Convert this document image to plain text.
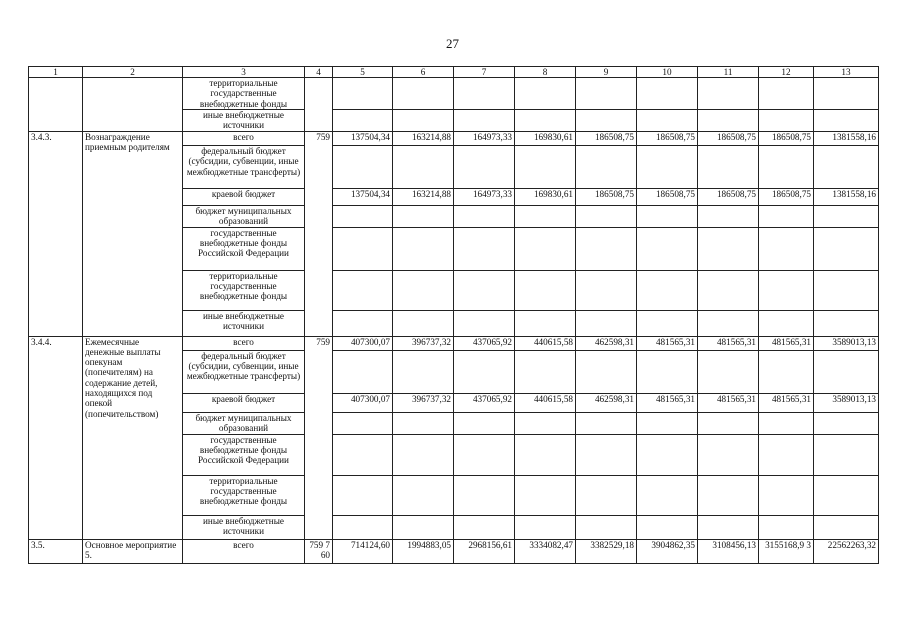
27
1	2	3	4	5	6	7	8	9	10	11	12	13
		территориальные государственные внебюджетные фонды										
		иные внебюджетные источники										
3.4.3.	Вознаграждение приемным родителям	всего	759	137504,34	163214,88	164973,33	169830,61	186508,75	186508,75	186508,75	186508,75	1381558,16
		федеральный бюджет (субсидии, субвенции, иные межбюджетные трансферты)										
		краевой бюджет		137504,34	163214,88	164973,33	169830,61	186508,75	186508,75	186508,75	186508,75	1381558,16
		бюджет муниципальных образований										
		государственные внебюджетные фонды Российской Федерации										
		территориальные государственные внебюджетные фонды										
		иные внебюджетные источники										
3.4.4.	Ежемесячные денежные выплаты опекунам (попечителям) на содержание детей, находящихся под опекой (попечительством)	всего	759	407300,07	396737,32	437065,92	440615,58	462598,31	481565,31	481565,31	481565,31	3589013,13
		федеральный бюджет (субсидии, субвенции, иные межбюджетные трансферты)										
		краевой бюджет		407300,07	396737,32	437065,92	440615,58	462598,31	481565,31	481565,31	481565,31	3589013,13
		бюджет муниципальных образований										
		государственные внебюджетные фонды Российской Федерации										
		территориальные государственные внебюджетные фонды										
		иные внебюджетные источники										
3.5.	Основное мероприятие 5.	всего	759 760	714124,60	1994883,05	2968156,61	3334082,47	3382529,18	3904862,35	3108456,13	3155168,9 3	22562263,32
